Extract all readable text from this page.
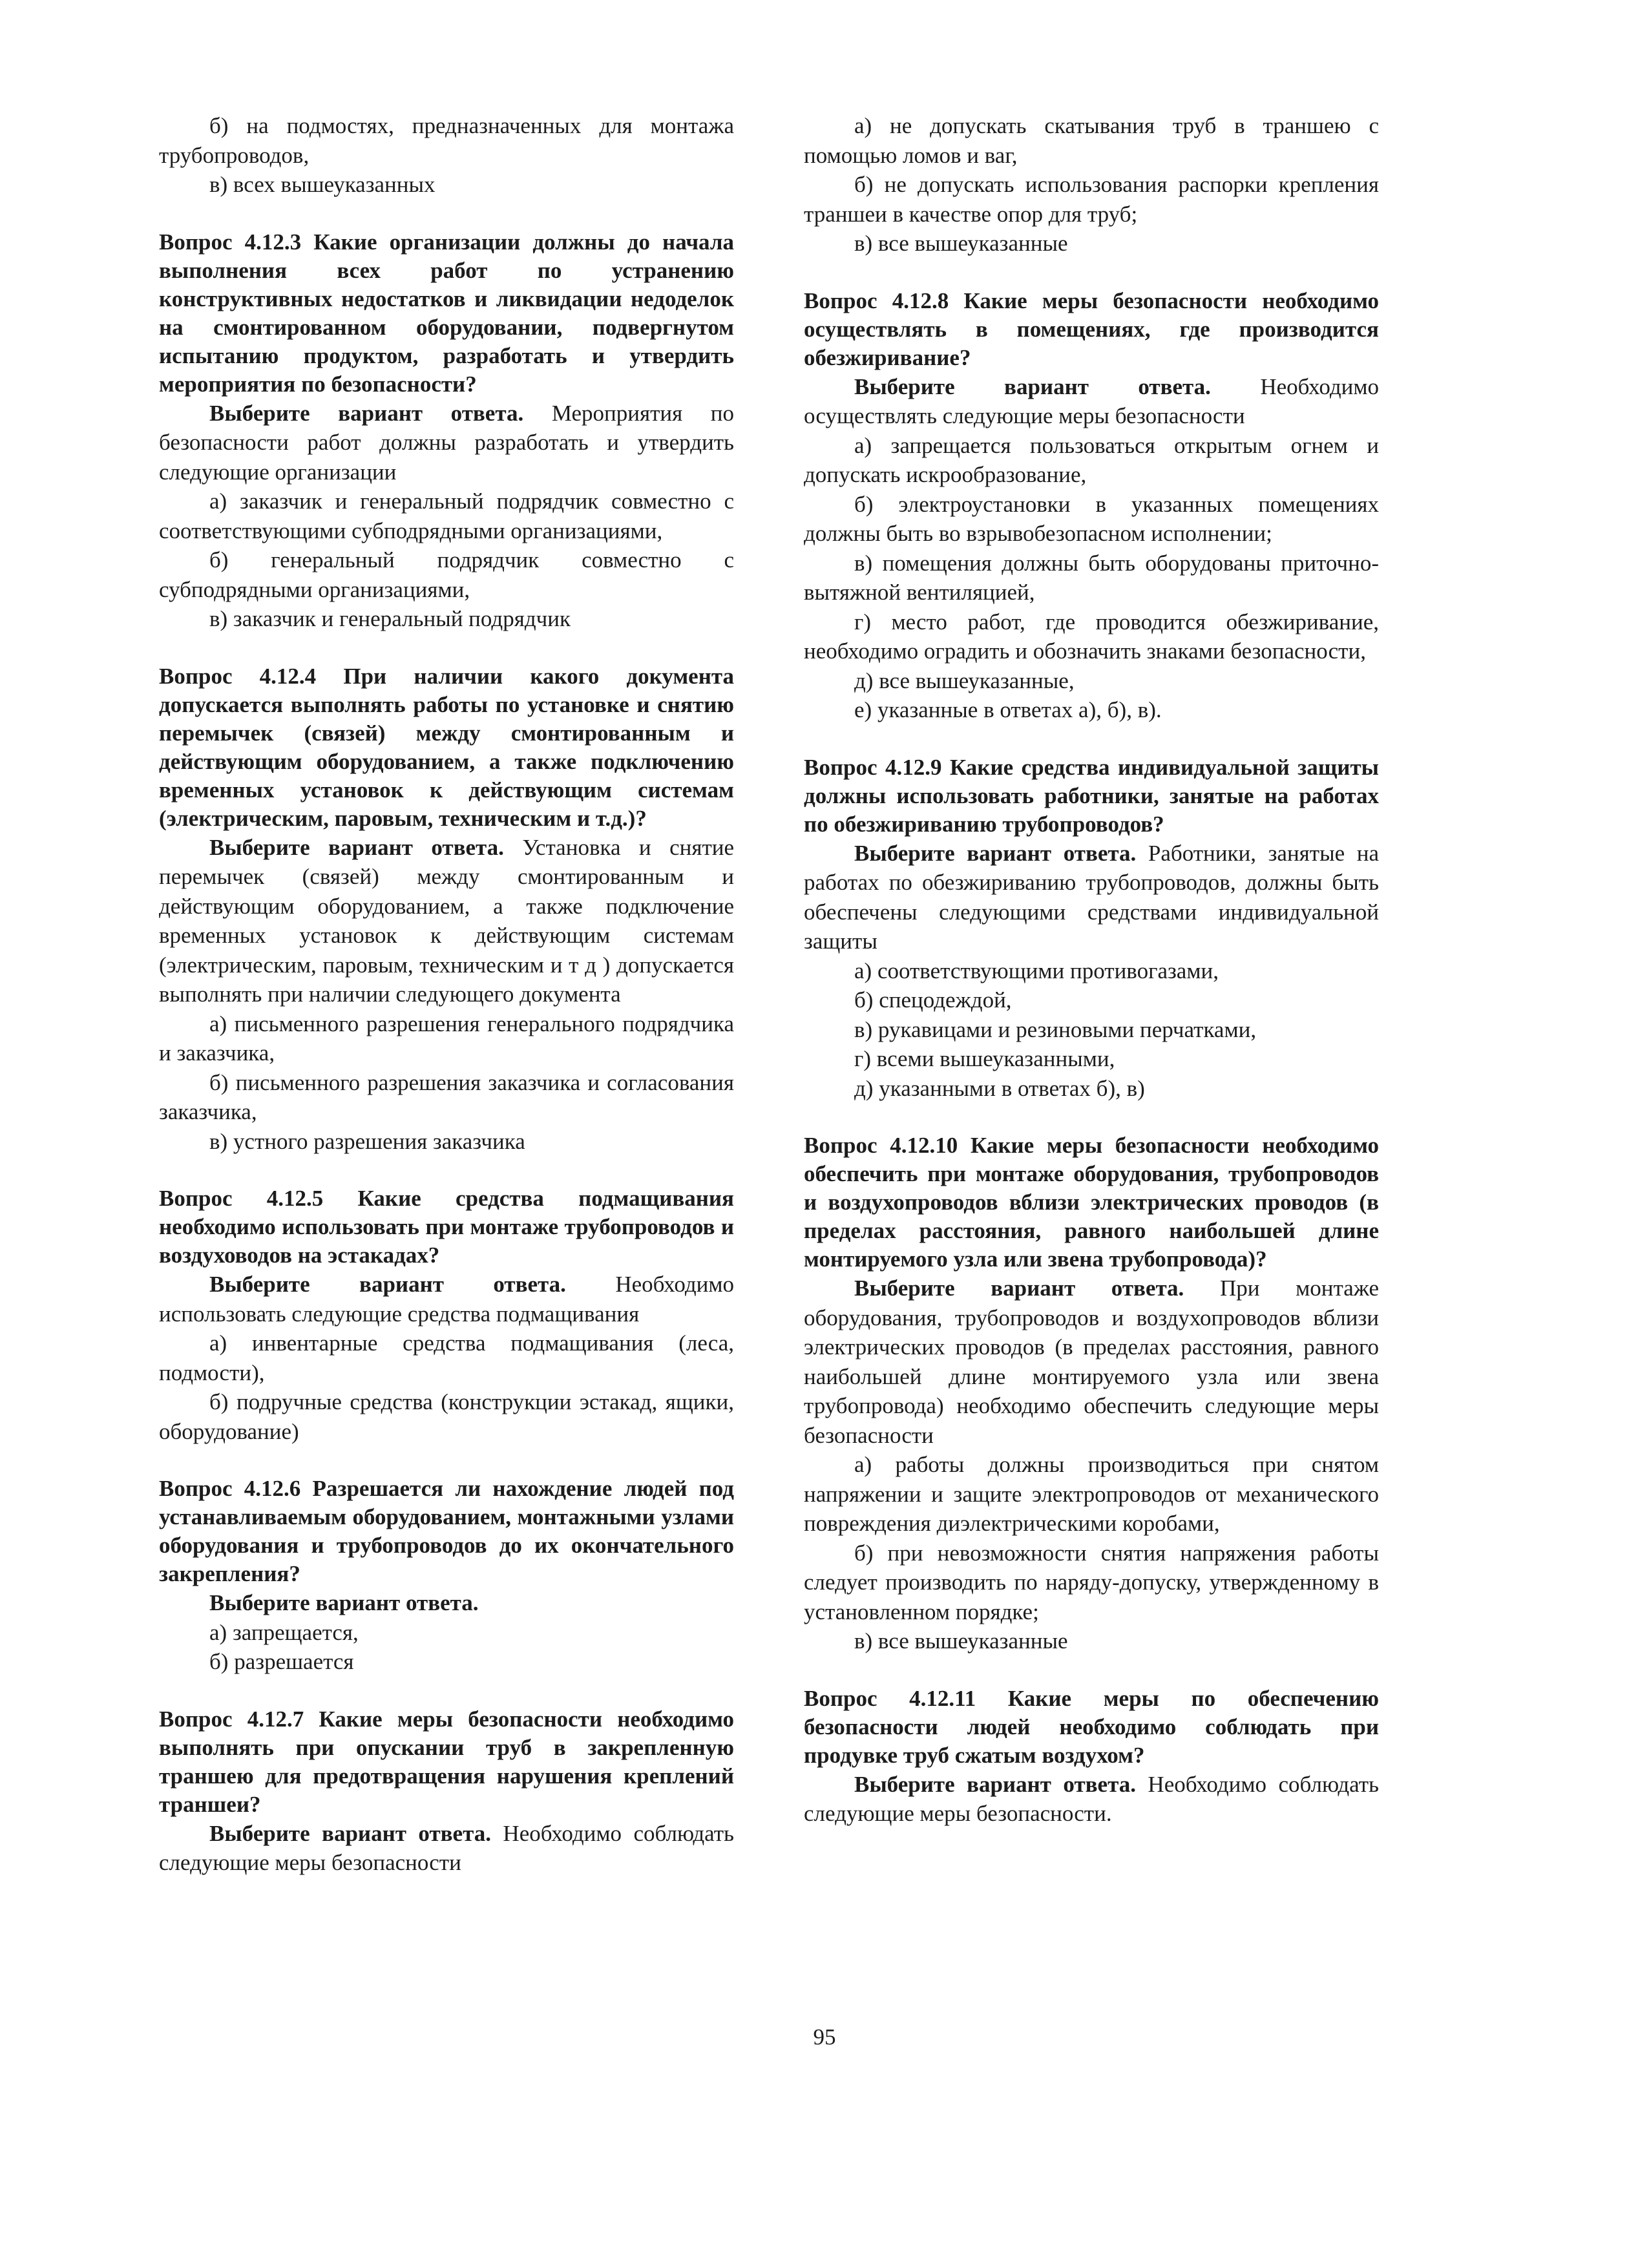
б) на подмостях, предназначенных для монтажа трубопроводов,

в) всех вышеуказанных

Вопрос 4.12.3 Какие организации должны до начала выполнения всех работ по устранению конструктивных недостатков и ликвидации недоделок на смонтированном оборудовании, подвергнутом испытанию продуктом, разработать и утвердить мероприятия по безопасности?

Выберите вариант ответа. Мероприятия по безопасности работ должны разработать и утвердить следующие организации

а) заказчик и генеральный подрядчик совместно с соответствующими субподрядными организациями,

б) генеральный подрядчик совместно с субподрядными организациями,

в) заказчик и генеральный подрядчик

Вопрос 4.12.4 При наличии какого документа допускается выполнять работы по установке и снятию перемычек (связей) между смонтированным и действующим оборудованием, а также подключению временных установок к действующим системам (электрическим, паровым, техническим и т.д.)?

Выберите вариант ответа. Установка и снятие перемычек (связей) между смонтированным и действующим оборудованием, а также подключение временных установок к действующим системам (электрическим, паровым, техническим и т д ) допускается выполнять при наличии следующего документа

а) письменного разрешения генерального подрядчика и заказчика,

б) письменного разрешения заказчика и согласования заказчика,

в) устного разрешения заказчика

Вопрос 4.12.5 Какие средства подмащивания необходимо использовать при монтаже трубопроводов и воздуховодов на эстакадах?

Выберите вариант ответа. Необходимо использовать следующие средства подмащивания

а) инвентарные средства подмащивания (леса, подмости),

б) подручные средства (конструкции эстакад, ящики, оборудование)

Вопрос 4.12.6 Разрешается ли нахождение людей под устанавливаемым оборудованием, монтажными узлами оборудования и трубопроводов до их окончательного закрепления?

Выберите вариант ответа.

а) запрещается,

б) разрешается

Вопрос 4.12.7 Какие меры безопасности необходимо выполнять при опускании труб в закрепленную траншею для предотвращения нарушения креплений траншеи?

Выберите вариант ответа. Необходимо соблюдать следующие меры безопасности

а) не допускать скатывания труб в траншею с помощью ломов и ваг,

б) не допускать использования распорки крепления траншеи в качестве опор для труб;

в) все вышеуказанные

Вопрос 4.12.8 Какие меры безопасности необходимо осуществлять в помещениях, где производится обезжиривание?

Выберите вариант ответа. Необходимо осуществлять следующие меры безопасности

а) запрещается пользоваться открытым огнем и допускать искрообразование,

б) электроустановки в указанных помещениях должны быть во взрывобезопасном исполнении;

в) помещения должны быть оборудованы приточно-вытяжной вентиляцией,

г) место работ, где проводится обезжиривание, необходимо оградить и обозначить знаками безопасности,

д) все вышеуказанные,

е) указанные в ответах а), б), в).

Вопрос 4.12.9 Какие средства индивидуальной защиты должны использовать работники, занятые на работах по обезжириванию трубопроводов?

Выберите вариант ответа. Работники, занятые на работах по обезжириванию трубопроводов, должны быть обеспечены следующими средствами индивидуальной защиты

а) соответствующими противогазами,

б) спецодеждой,

в) рукавицами и резиновыми перчатками,

г) всеми вышеуказанными,

д) указанными в ответах б), в)

Вопрос 4.12.10 Какие меры безопасности необходимо обеспечить при монтаже оборудования, трубопроводов и воздухопроводов вблизи электрических проводов (в пределах расстояния, равного наибольшей длине монтируемого узла или звена трубопровода)?

Выберите вариант ответа. При монтаже оборудования, трубопроводов и воздухопроводов вблизи электрических проводов (в пределах расстояния, равного наибольшей длине монтируемого узла или звена трубопровода) необходимо обеспечить следующие меры безопасности

а) работы должны производиться при снятом напряжении и защите электропроводов от механического повреждения диэлектрическими коробами,

б) при невозможности снятия напряжения работы следует производить по наряду-допуску, утвержденному в установленном порядке;

в) все вышеуказанные

Вопрос 4.12.11 Какие меры по обеспечению безопасности людей необходимо соблюдать при продувке труб сжатым воздухом?

Выберите вариант ответа. Необходимо соблюдать следующие меры безопасности.

95
